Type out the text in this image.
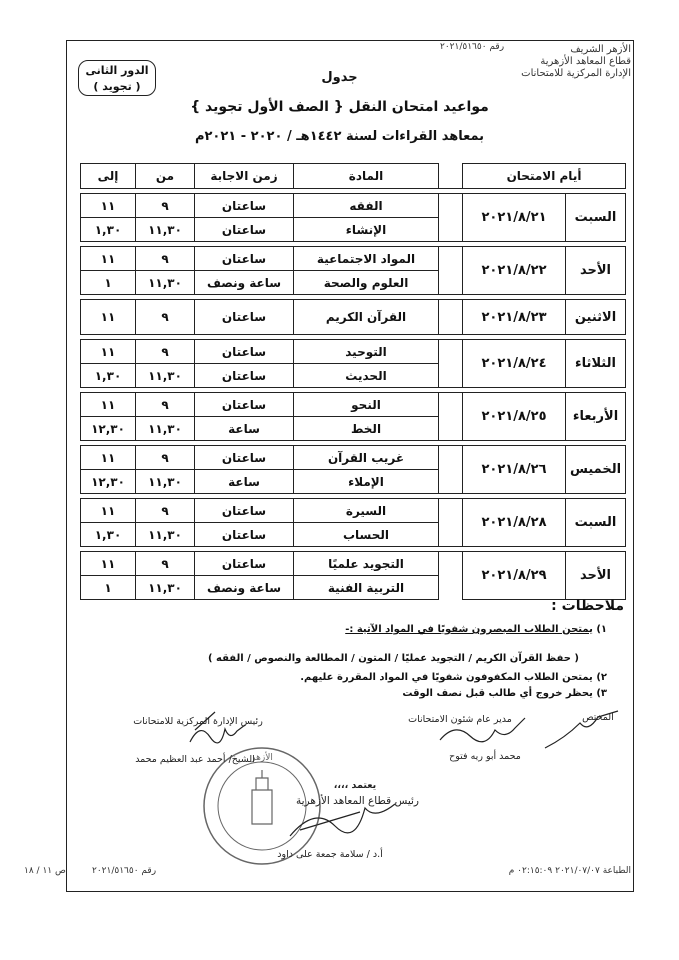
الأزهر الشريف
قطاع المعاهد الأزهرية
الإدارة المركزية للامتحانات
رقم ٢٠٢١/٥١٦٥٠
الدور الثانى
( تجويد )
جدول
مواعيد امتحان النقل { الصف الأول تجويد }
بمعاهد القراءات لسنة ١٤٤٢هـ / ٢٠٢٠ - ٢٠٢١م
أيام الامتحان			المادة	زمن الاجابة	من	إلى

السبت	٢٠٢١/٨/٢١		الفقه	ساعتان	٩	١١
			الإنشاء	ساعتان	١١,٣٠	١,٣٠

الأحد	٢٠٢١/٨/٢٢		المواد الاجتماعية	ساعتان	٩	١١
			العلوم والصحة	ساعة ونصف	١١,٣٠	١

الاثنين	٢٠٢١/٨/٢٣		القرآن الكريم	ساعتان	٩	١١

الثلاثاء	٢٠٢١/٨/٢٤		التوحيد	ساعتان	٩	١١
			الحديث	ساعتان	١١,٣٠	١,٣٠

الأربعاء	٢٠٢١/٨/٢٥		النحو	ساعتان	٩	١١
			الخط	ساعة	١١,٣٠	١٢,٣٠

الخميس	٢٠٢١/٨/٢٦		غريب القرآن	ساعتان	٩	١١
			الإملاء	ساعة	١١,٣٠	١٢,٣٠

السبت	٢٠٢١/٨/٢٨		السيرة	ساعتان	٩	١١
			الحساب	ساعتان	١١,٣٠	١,٣٠

الأحد	٢٠٢١/٨/٢٩		التجويد علميًا	ساعتان	٩	١١
			التربية الفنية	ساعة ونصف	١١,٣٠	١
ملاحظات :
١) يمتحن الطلاب المبصرون شفويًا في المواد الآتية :-
( حفظ القرآن الكريم / التجويد عمليًا / المتون / المطالعة والنصوص / الفقه )
٢) يمتحن الطلاب المكفوفون شفويًا في المواد المقررة عليهم.
٣) يحظر خروج أي طالب قبل نصف الوقت
رئيس الإدارة المركزية للامتحانات
الشيخ/ أحمد عبد العظيم محمد
مدير عام شئون الامتحانات
محمد أبو ريه فتوح
المختص
يعتمد ،،،،
رئيس قطاع المعاهد الأزهرية
أ.د / سلامة جمعة على داود
الأزهر
الطباعة ٢٠٢١/٠٧/٠٧ ٠٢:١٥:٠٩ م
رقم ٢٠٢١/٥١٦٥٠
ص ١١ / ١٨
